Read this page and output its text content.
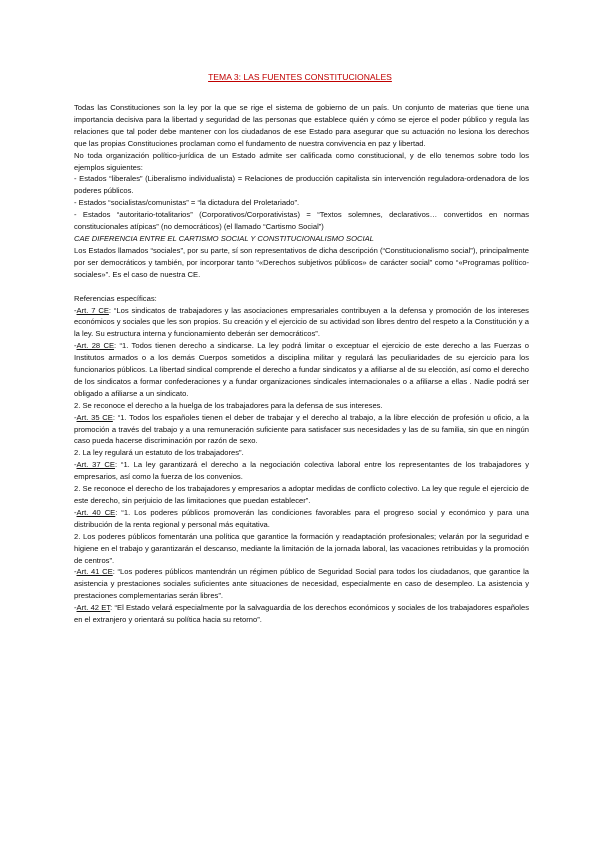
TEMA 3: LAS FUENTES CONSTITUCIONALES

Todas las Constituciones son la ley por la que se rige el sistema de gobierno de un país. Un conjunto de materias que tiene una importancia decisiva para la libertad y seguridad de las personas que establece quién y cómo se ejerce el poder público y regula las relaciones que tal poder debe mantener con los ciudadanos de ese Estado para asegurar que su actuación no lesiona los derechos que las propias Constituciones proclaman como el fundamento de nuestra convivencia en paz y libertad.

No toda organización político-jurídica de un Estado admite ser calificada como constitucional, y de ello tenemos sobre todo los ejemplos siguientes:

- Estados “liberales” (Liberalismo individualista) = Relaciones de producción capitalista sin intervención reguladora-ordenadora de los poderes públicos.

- Estados “socialistas/comunistas” = “la dictadura del Proletariado”.

- Estados “autoritario-totalitarios” (Corporativos/Corporativistas) = “Textos solemnes, declarativos… convertidos en normas constitucionales atípicas” (no democráticos) (el llamado “Cartismo Social”)

CAE DIFERENCIA ENTRE EL CARTISMO SOCIAL Y CONSTITUCIONALISMO SOCIAL

Los Estados llamados “sociales”, por su parte, sí son representativos de dicha descripción (“Constitucionalismo social”), principalmente por ser democráticos y también, por incorporar tanto “«Derechos subjetivos públicos» de carácter social” como “«Programas político-sociales»”. Es el caso de nuestra CE.

Referencias específicas:

-Art. 7 CE: “Los sindicatos de trabajadores y las asociaciones empresariales contribuyen a la defensa y promoción de los intereses económicos y sociales que les son propios. Su creación y el ejercicio de su actividad son libres dentro del respeto a la Constitución y a la ley. Su estructura interna y funcionamiento deberán ser democráticos”.

-Art. 28 CE: “1. Todos tienen derecho a sindicarse. La ley podrá limitar o exceptuar el ejercicio de este derecho a las Fuerzas o Institutos armados o a los demás Cuerpos sometidos a disciplina militar y regulará las peculiaridades de su ejercicio para los funcionarios públicos. La libertad sindical comprende el derecho a fundar sindicatos y a afiliarse al de su elección, así como el derecho de los sindicatos a formar confederaciones y a fundar organizaciones sindicales internacionales o a afiliarse a ellas . Nadie podrá ser obligado a afiliarse a un sindicato.

2. Se reconoce el derecho a la huelga de los trabajadores para la defensa de sus intereses.

-Art. 35 CE: “1. Todos los españoles tienen el deber de trabajar y el derecho al trabajo, a la libre elección de profesión u oficio, a la promoción a través del trabajo y a una remuneración suficiente para satisfacer sus necesidades y las de su familia, sin que en ningún caso pueda hacerse discriminación por razón de sexo.

2. La ley regulará un estatuto de los trabajadores”.

-Art. 37 CE: “1. La ley garantizará el derecho a la negociación colectiva laboral entre los representantes de los trabajadores y empresarios, así como la fuerza de los convenios.

2. Se reconoce el derecho de los trabajadores y empresarios a adoptar medidas de conflicto colectivo. La ley que regule el ejercicio de este derecho, sin perjuicio de las limitaciones que puedan establecer”.

-Art. 40 CE: “1. Los poderes públicos promoverán las condiciones favorables para el progreso social y económico y para una distribución de la renta regional y personal más equitativa.

2. Los poderes públicos fomentarán una política que garantice la formación y readaptación profesionales; velarán por la seguridad e higiene en el trabajo y garantizarán el descanso, mediante la limitación de la jornada laboral, las vacaciones retribuidas y la promoción de centros”.

-Art. 41 CE: “Los poderes públicos mantendrán un régimen público de Seguridad Social para todos los ciudadanos, que garantice la asistencia y prestaciones sociales suficientes ante situaciones de necesidad, especialmente en caso de desempleo. La asistencia y prestaciones complementarias serán libres”.

-Art. 42 ET: “El Estado velará especialmente por la salvaguardia de los derechos económicos y sociales de los trabajadores españoles en el extranjero y orientará su política hacia su retorno”.
